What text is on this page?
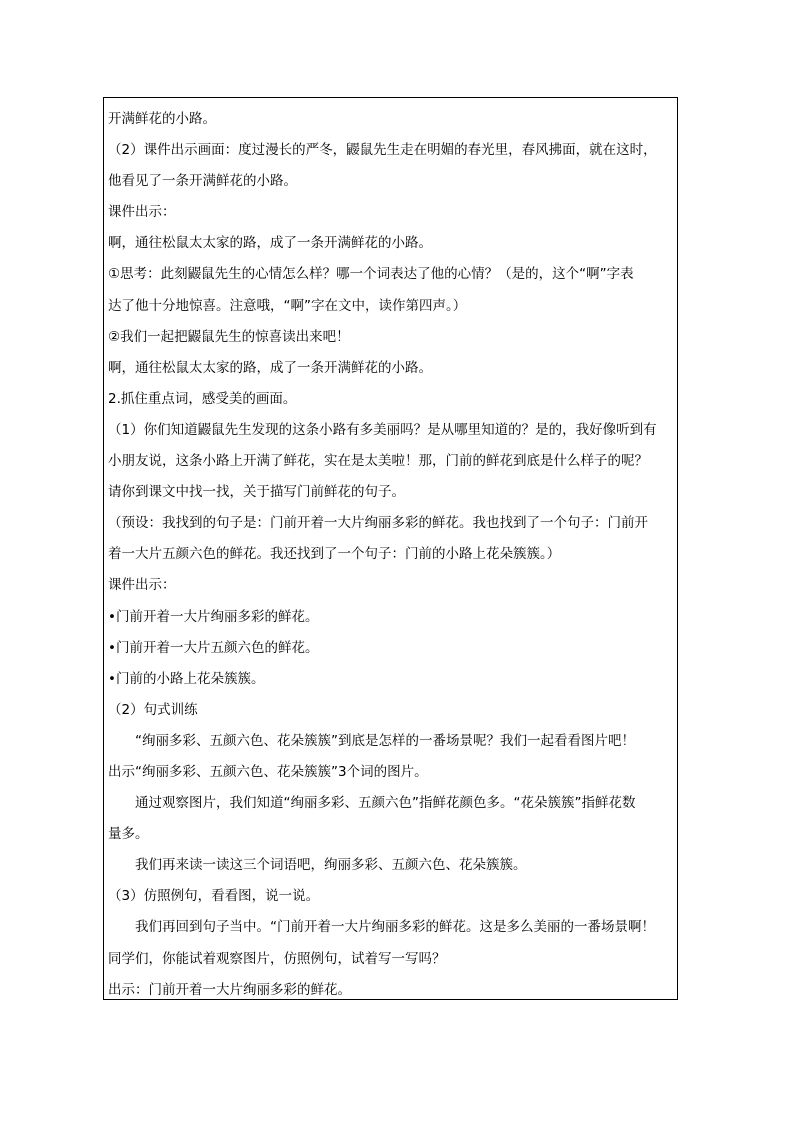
开满鲜花的小路。
（2）课件出示画面：度过漫长的严冬，鼹鼠先生走在明媚的春光里，春风拂面，就在这时，
他看见了一条开满鲜花的小路。
课件出示：
啊，通往松鼠太太家的路，成了一条开满鲜花的小路。
①思考：此刻鼹鼠先生的心情怎么样？哪一个词表达了他的心情？（是的，这个“啊”字表
达了他十分地惊喜。注意哦，“啊”字在文中，读作第四声。）
②我们一起把鼹鼠先生的惊喜读出来吧！
啊，通往松鼠太太家的路，成了一条开满鲜花的小路。
2.抓住重点词，感受美的画面。
（1）你们知道鼹鼠先生发现的这条小路有多美丽吗？是从哪里知道的？是的，我好像听到有
小朋友说，这条小路上开满了鲜花，实在是太美啦！那，门前的鲜花到底是什么样子的呢？
请你到课文中找一找，关于描写门前鲜花的句子。
（预设：我找到的句子是：门前开着一大片绚丽多彩的鲜花。我也找到了一个句子：门前开
着一大片五颜六色的鲜花。我还找到了一个句子：门前的小路上花朵簇簇。）
课件出示：
•门前开着一大片绚丽多彩的鲜花。
•门前开着一大片五颜六色的鲜花。
•门前的小路上花朵簇簇。
（2）句式训练
“绚丽多彩、五颜六色、花朵簇簇”到底是怎样的一番场景呢？我们一起看看图片吧！
出示“绚丽多彩、五颜六色、花朵簇簇”3个词的图片。
通过观察图片，我们知道“绚丽多彩、五颜六色”指鲜花颜色多。“花朵簇簇”指鲜花数
量多。
我们再来读一读这三个词语吧，绚丽多彩、五颜六色、花朵簇簇。
（3）仿照例句，看看图，说一说。
我们再回到句子当中。“门前开着一大片绚丽多彩的鲜花。这是多么美丽的一番场景啊！
同学们，你能试着观察图片，仿照例句，试着写一写吗？
出示：门前开着一大片绚丽多彩的鲜花。
